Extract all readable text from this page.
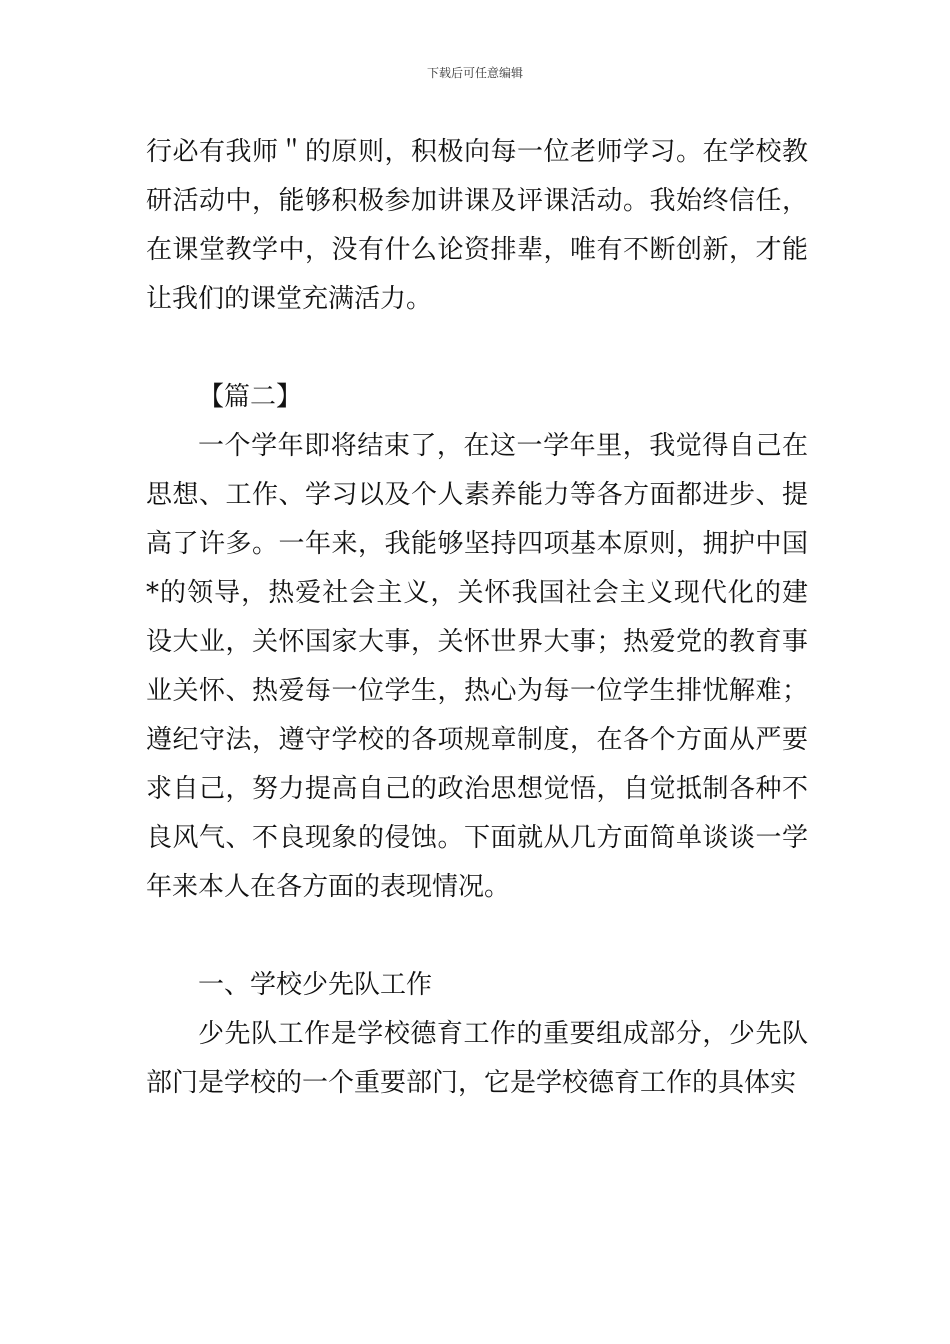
下载后可任意编辑

行必有我师＂的原则，积极向每一位老师学习。在学校教研活动中，能够积极参加讲课及评课活动。我始终信任，在课堂教学中，没有什么论资排辈，唯有不断创新，才能让我们的课堂充满活力。

【篇二】

一个学年即将结束了，在这一学年里，我觉得自己在思想、工作、学习以及个人素养能力等各方面都进步、提高了许多。一年来，我能够坚持四项基本原则，拥护中国*的领导，热爱社会主义，关怀我国社会主义现代化的建设大业，关怀国家大事，关怀世界大事；热爱党的教育事业关怀、热爱每一位学生，热心为每一位学生排忧解难；遵纪守法，遵守学校的各项规章制度，在各个方面从严要求自己，努力提高自己的政治思想觉悟，自觉抵制各种不良风气、不良现象的侵蚀。下面就从几方面简单谈谈一学年来本人在各方面的表现情况。

一、学校少先队工作

少先队工作是学校德育工作的重要组成部分，少先队部门是学校的一个重要部门，它是学校德育工作的具体实
